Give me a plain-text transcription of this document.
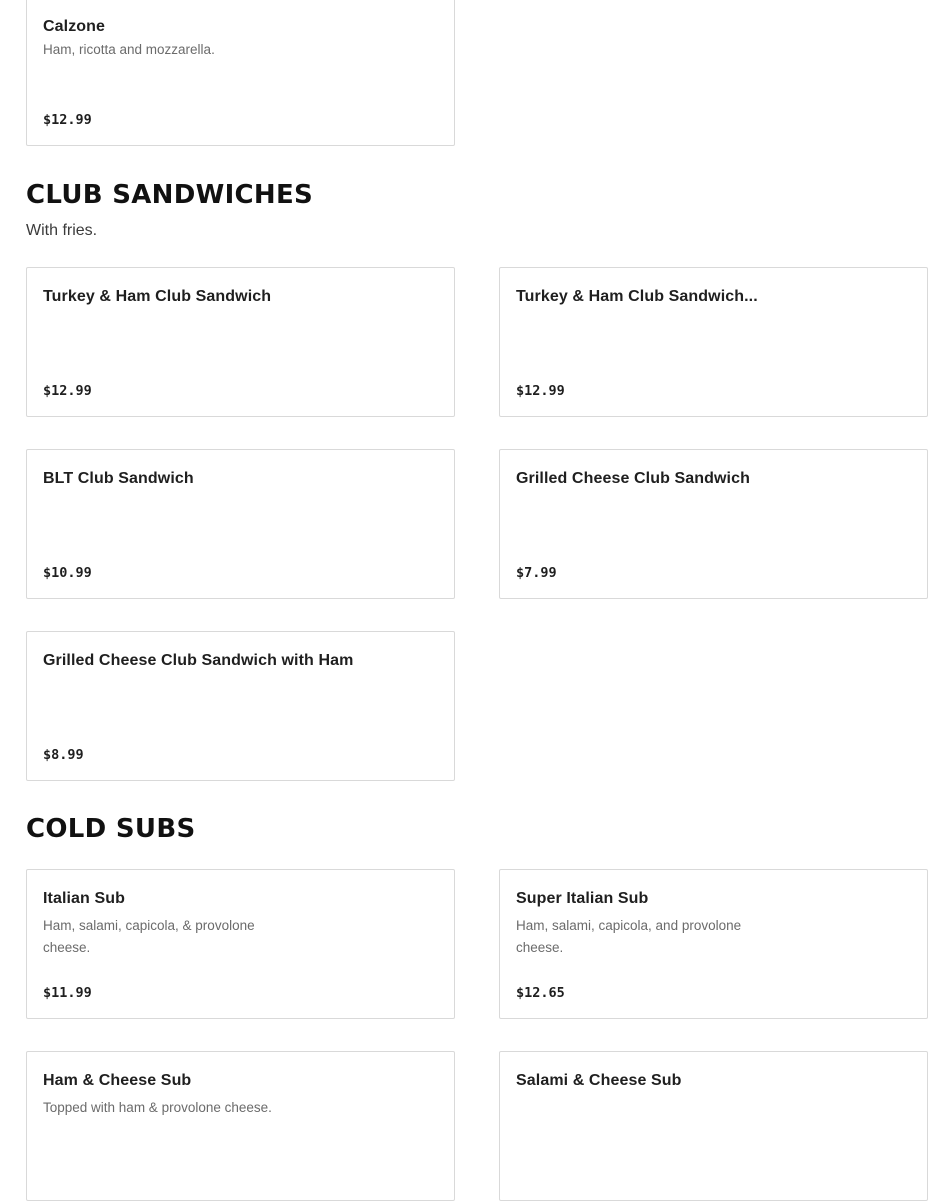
Calzone
Ham, ricotta and mozzarella.
$12.99
CLUB SANDWICHES
With fries.
Turkey & Ham Club Sandwich
$12.99
Turkey & Ham Club Sandwich...
$12.99
BLT Club Sandwich
$10.99
Grilled Cheese Club Sandwich
$7.99
Grilled Cheese Club Sandwich with Ham
$8.99
COLD SUBS
Italian Sub
Ham, salami, capicola, & provolone cheese.
$11.99
Super Italian Sub
Ham, salami, capicola, and provolone cheese.
$12.65
Ham & Cheese Sub
Topped with ham & provolone cheese.
Salami & Cheese Sub
